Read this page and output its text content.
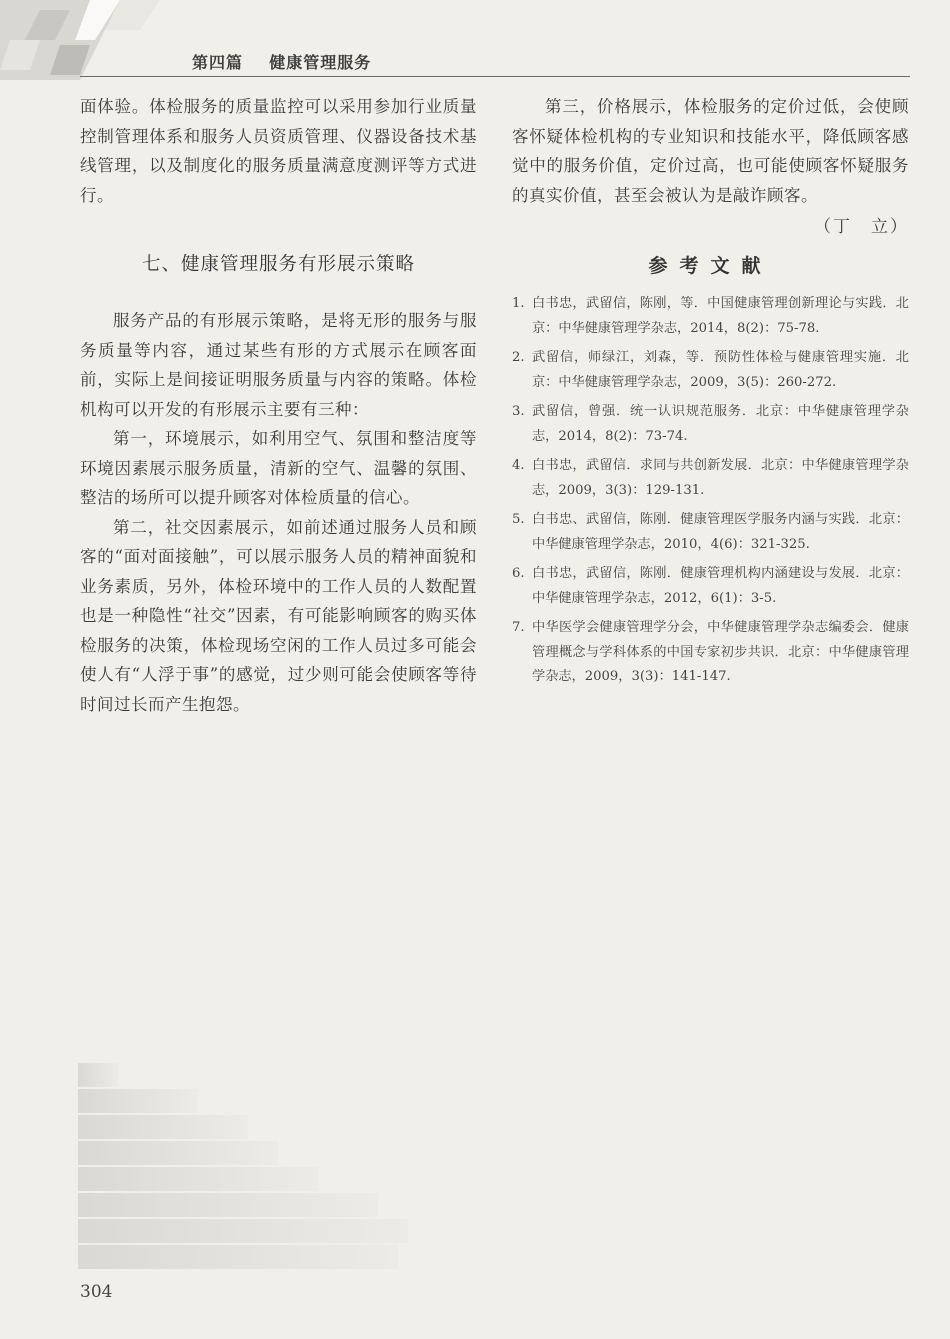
第四篇    健康管理服务

面体验。体检服务的质量监控可以采用参加行业质量控制管理体系和服务人员资质管理、仪器设备技术基线管理，以及制度化的服务质量满意度测评等方式进行。

七、健康管理服务有形展示策略

服务产品的有形展示策略，是将无形的服务与服务质量等内容，通过某些有形的方式展示在顾客面前，实际上是间接证明服务质量与内容的策略。体检机构可以开发的有形展示主要有三种：

第一，环境展示，如利用空气、氛围和整洁度等环境因素展示服务质量，清新的空气、温馨的氛围、整洁的场所可以提升顾客对体检质量的信心。

第二，社交因素展示，如前述通过服务人员和顾客的“面对面接触”，可以展示服务人员的精神面貌和业务素质，另外，体检环境中的工作人员的人数配置也是一种隐性“社交”因素，有可能影响顾客的购买体检服务的决策，体检现场空闲的工作人员过多可能会使人有“人浮于事”的感觉，过少则可能会使顾客等待时间过长而产生抱怨。

第三，价格展示，体检服务的定价过低，会使顾客怀疑体检机构的专业知识和技能水平，降低顾客感觉中的服务价值，定价过高，也可能使顾客怀疑服务的真实价值，甚至会被认为是敲诈顾客。

（丁　立）
参考文献
1. 白书忠，武留信，陈刚，等．中国健康管理创新理论与实践．北京：中华健康管理学杂志，2014，8(2)：75-78.
2. 武留信，师绿江，刘森，等．预防性体检与健康管理实施．北京：中华健康管理学杂志，2009，3(5)：260-272.
3. 武留信，曾强．统一认识规范服务．北京：中华健康管理学杂志，2014，8(2)：73-74.
4. 白书忠，武留信．求同与共创新发展．北京：中华健康管理学杂志，2009，3(3)：129-131.
5. 白书忠、武留信，陈刚．健康管理医学服务内涵与实践．北京：中华健康管理学杂志，2010，4(6)：321-325.
6. 白书忠，武留信，陈刚．健康管理机构内涵建设与发展．北京：中华健康管理学杂志，2012，6(1)：3-5.
7. 中华医学会健康管理学分会，中华健康管理学杂志编委会．健康管理概念与学科体系的中国专家初步共识．北京：中华健康管理学杂志，2009，3(3)：141-147.
304
